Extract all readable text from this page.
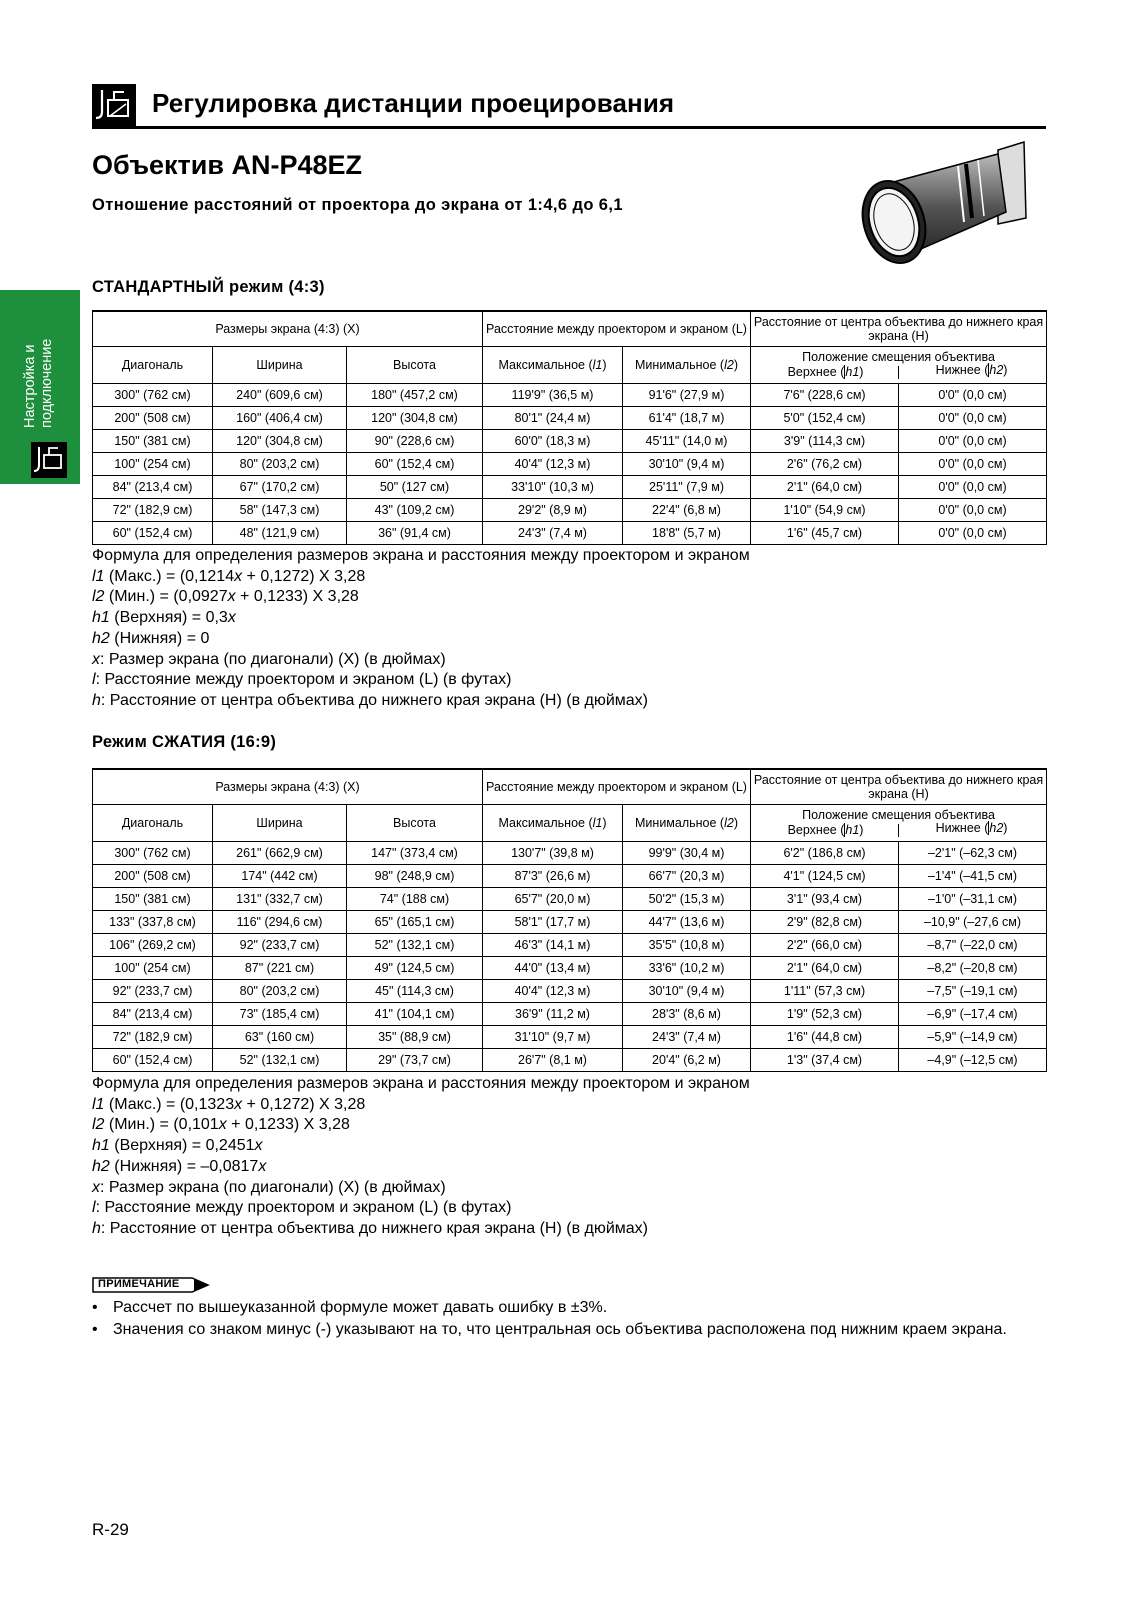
Регулировка дистанции проецирования
Объектив AN-P48EZ
Отношение расстояний от проектора до экрана от 1:4,6 до 6,1
Настройка и подключение
СТАНДАРТНЫЙ режим (4:3)
Размеры экрана (4:3) (X)			Расстояние между проектором и экраном (L)		Расстояние от центра объектива до нижнего края экрана (H)	
Диагональ	Ширина	Высота	Максимальное (l1)	Минимальное (l2)	Положение смещения объектива
Верхнее (h1) Нижнее (h2)	

300" (762 см)	240" (609,6 см)	180" (457,2 см)	119'9" (36,5 м)	91'6" (27,9 м)	7'6" (228,6 см)	0'0" (0,0 см)
200" (508 см)	160" (406,4 см)	120" (304,8 см)	80'1" (24,4 м)	61'4" (18,7 м)	5'0" (152,4 см)	0'0" (0,0 см)
150" (381 см)	120" (304,8 см)	90" (228,6 см)	60'0" (18,3 м)	45'11" (14,0 м)	3'9" (114,3 см)	0'0" (0,0 см)
100" (254 см)	80" (203,2 см)	60" (152,4 см)	40'4" (12,3 м)	30'10" (9,4 м)	2'6" (76,2 см)	0'0" (0,0 см)
84" (213,4 см)	67" (170,2 см)	50" (127 см)	33'10" (10,3 м)	25'11" (7,9 м)	2'1" (64,0 см)	0'0" (0,0 см)
72" (182,9 см)	58" (147,3 см)	43" (109,2 см)	29'2" (8,9 м)	22'4" (6,8 м)	1'10" (54,9 см)	0'0" (0,0 см)
60" (152,4 см)	48" (121,9 см)	36" (91,4 см)	24'3" (7,4 м)	18'8" (5,7 м)	1'6" (45,7 см)	0'0" (0,0 см)
Формула для определения размеров экрана и расстояния между проектором и экраном
l1 (Макс.) = (0,1214x + 0,1272) X 3,28
l2 (Мин.) = (0,0927x + 0,1233) X 3,28
h1 (Верхняя) = 0,3x
h2 (Нижняя) = 0
x: Размер экрана (по диагонали) (X) (в дюймах)
l: Расстояние между проектором и экраном (L) (в футах)
h: Расстояние от центра объектива до нижнего края экрана (H) (в дюймах)
Режим СЖАТИЯ (16:9)
Размеры экрана (4:3) (X)			Расстояние между проектором и экраном (L)		Расстояние от центра объектива до нижнего края экрана (H)	
Диагональ	Ширина	Высота	Максимальное (l1)	Минимальное (l2)	Положение смещения объектива
Верхнее (h1) Нижнее (h2)	

300" (762 см)	261" (662,9 см)	147" (373,4 см)	130'7" (39,8 м)	99'9" (30,4 м)	6'2" (186,8 см)	–2'1" (–62,3 см)
200" (508 см)	174" (442 см)	98" (248,9 см)	87'3" (26,6 м)	66'7" (20,3 м)	4'1" (124,5 см)	–1'4" (–41,5 см)
150" (381 см)	131" (332,7 см)	74" (188 см)	65'7" (20,0 м)	50'2" (15,3 м)	3'1" (93,4 см)	–1'0" (–31,1 см)
133" (337,8 см)	116" (294,6 см)	65" (165,1 см)	58'1" (17,7 м)	44'7" (13,6 м)	2'9" (82,8 см)	–10,9" (–27,6 см)
106" (269,2 см)	92" (233,7 см)	52" (132,1 см)	46'3" (14,1 м)	35'5" (10,8 м)	2'2" (66,0 см)	–8,7" (–22,0 см)
100" (254 см)	87" (221 см)	49" (124,5 см)	44'0" (13,4 м)	33'6" (10,2 м)	2'1" (64,0 см)	–8,2" (–20,8 см)
92" (233,7 см)	80" (203,2 см)	45" (114,3 см)	40'4" (12,3 м)	30'10" (9,4 м)	1'11" (57,3 см)	–7,5" (–19,1 см)
84" (213,4 см)	73" (185,4 см)	41" (104,1 см)	36'9" (11,2 м)	28'3" (8,6 м)	1'9" (52,3 см)	–6,9" (–17,4 см)
72" (182,9 см)	63" (160 см)	35" (88,9 см)	31'10" (9,7 м)	24'3" (7,4 м)	1'6" (44,8 см)	–5,9" (–14,9 см)
60" (152,4 см)	52" (132,1 см)	29" (73,7 см)	26'7" (8,1 м)	20'4" (6,2 м)	1'3" (37,4 см)	–4,9" (–12,5 см)
Формула для определения размеров экрана и расстояния между проектором и экраном
l1 (Макс.) = (0,1323x + 0,1272) X 3,28
l2 (Мин.) = (0,101x + 0,1233) X 3,28
h1 (Верхняя) = 0,2451x
h2 (Нижняя) = –0,0817x
x: Размер экрана (по диагонали) (X) (в дюймах)
l: Расстояние между проектором и экраном (L) (в футах)
h: Расстояние от центра объектива до нижнего края экрана (H) (в дюймах)
ПРИМЕЧАНИЕ
• Рассчет по вышеуказанной формуле может давать ошибку в ±3%.
• Значения со знаком минус (-) указывают на то, что центральная ось объектива расположена под нижним краем экрана.
R-29
